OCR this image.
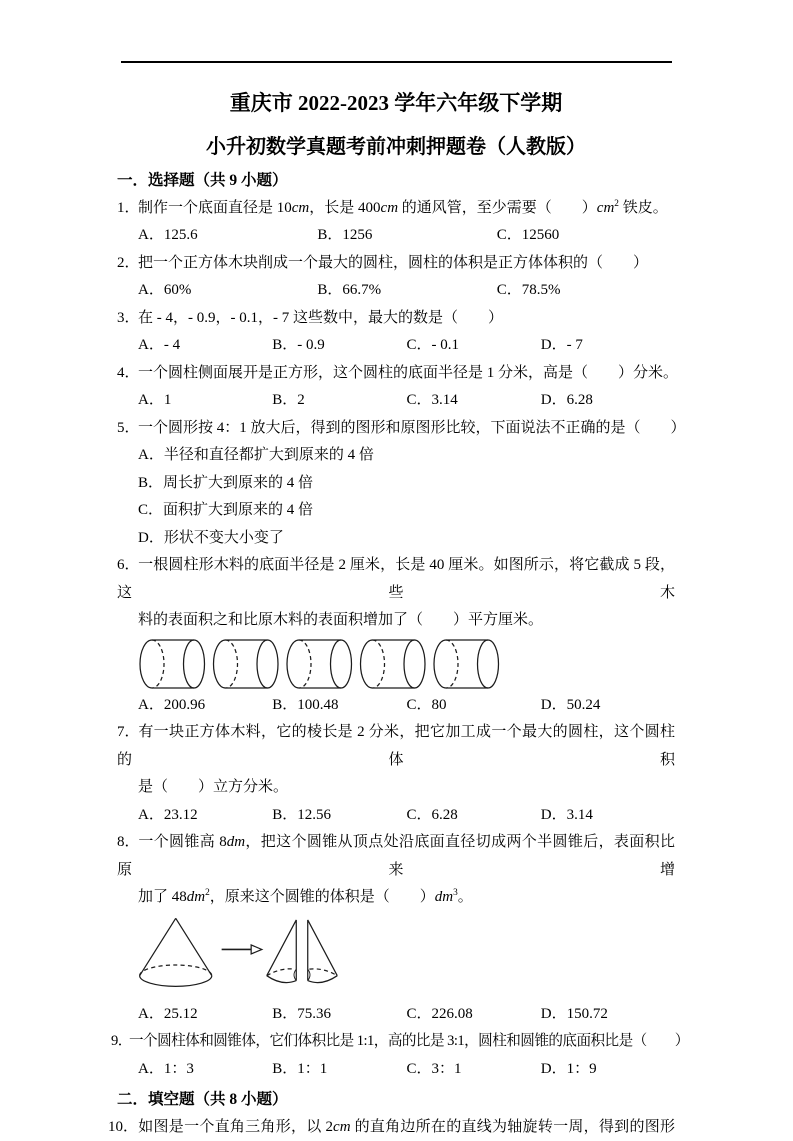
重庆市 2022-2023 学年六年级下学期
小升初数学真题考前冲刺押题卷（人教版）
一．选择题（共 9 小题）
1．制作一个底面直径是 10cm，长是 400cm 的通风管，至少需要（　　）$cm^2$ 铁皮。
A．125.6	B．1256	C．12560
2．把一个正方体木块削成一个最大的圆柱，圆柱的体积是正方体体积的（　　）
A．60%	B．66.7%	C．78.5%
3．在 - 4，- 0.9，- 0.1，- 7 这些数中，最大的数是（　　）
A．- 4	B．- 0.9	C．- 0.1	D．- 7
4．一个圆柱侧面展开是正方形，这个圆柱的底面半径是 1 分米，高是（　　）分米。
A．1	B．2	C．3.14	D．6.28
5．一个圆形按 4：1 放大后，得到的图形和原图形比较，下面说法不正确的是（　　）
A．半径和直径都扩大到原来的 4 倍
B．周长扩大到原来的 4 倍
C．面积扩大到原来的 4 倍
D．形状不变大小变了
6．一根圆柱形木料的底面半径是 2 厘米，长是 40 厘米。如图所示，将它截成 5 段，这些木
料的表面积之和比原木料的表面积增加了（　　）平方厘米。
A．200.96	B．100.48	C．80	D．50.24
7．有一块正方体木料，它的棱长是 2 分米，把它加工成一个最大的圆柱，这个圆柱的体积
是（　　）立方分米。
A．23.12	B．12.56	C．6.28	D．3.14
8．一个圆锥高 8dm，把这个圆锥从顶点处沿底面直径切成两个半圆锥后，表面积比原来增
加了 $48dm^2$，原来这个圆锥的体积是（　　）$dm^3$。
A．25.12	B．75.36	C．226.08	D．150.72
9．一个圆柱体和圆锥体，它们体积比是 1:1，高的比是 3:1，圆柱和圆锥的底面积比是（　　）
A．1：3	B．1：1	C．3：1	D．1：9
二．填空题（共 8 小题）
10．如图是一个直角三角形，以 2cm 的直角边所在的直线为轴旋转一周，得到的图形
